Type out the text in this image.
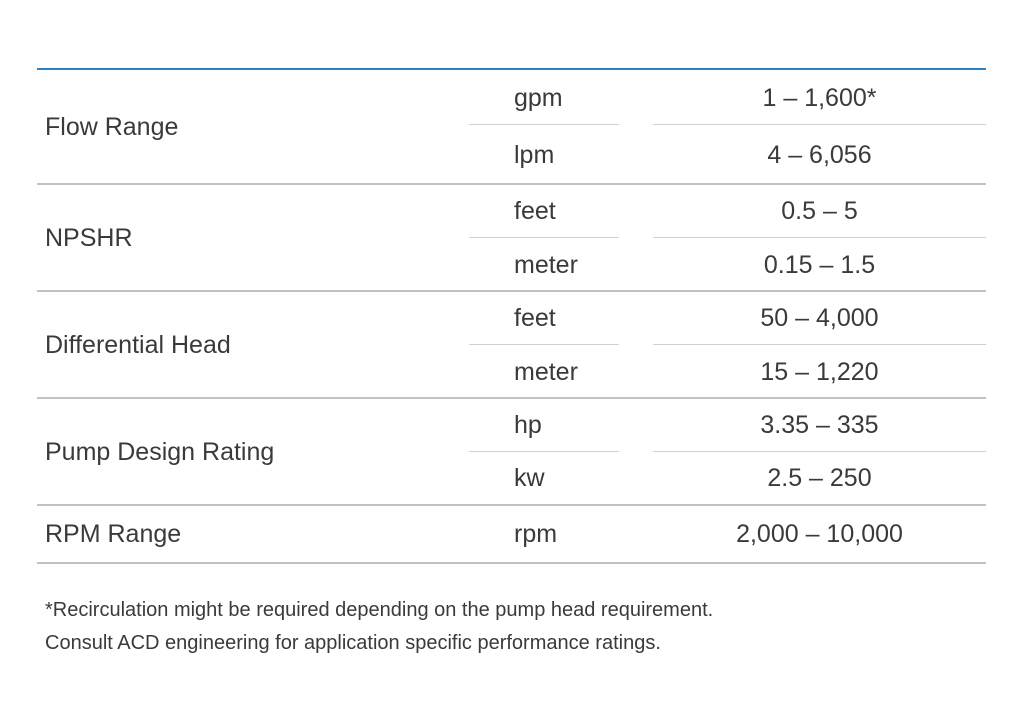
Flow Range
gpm	1 – 1,600*
lpm	4 – 6,056
NPSHR
feet	0.5 – 5
meter	0.15 – 1.5
Differential Head
feet	50 – 4,000
meter	15 – 1,220
Pump Design Rating
hp	3.35 – 335
kw	2.5 – 250
RPM Range	rpm	2,000 – 10,000
*Recirculation might be required depending on the pump head requirement.
Consult ACD engineering for application specific performance ratings.
